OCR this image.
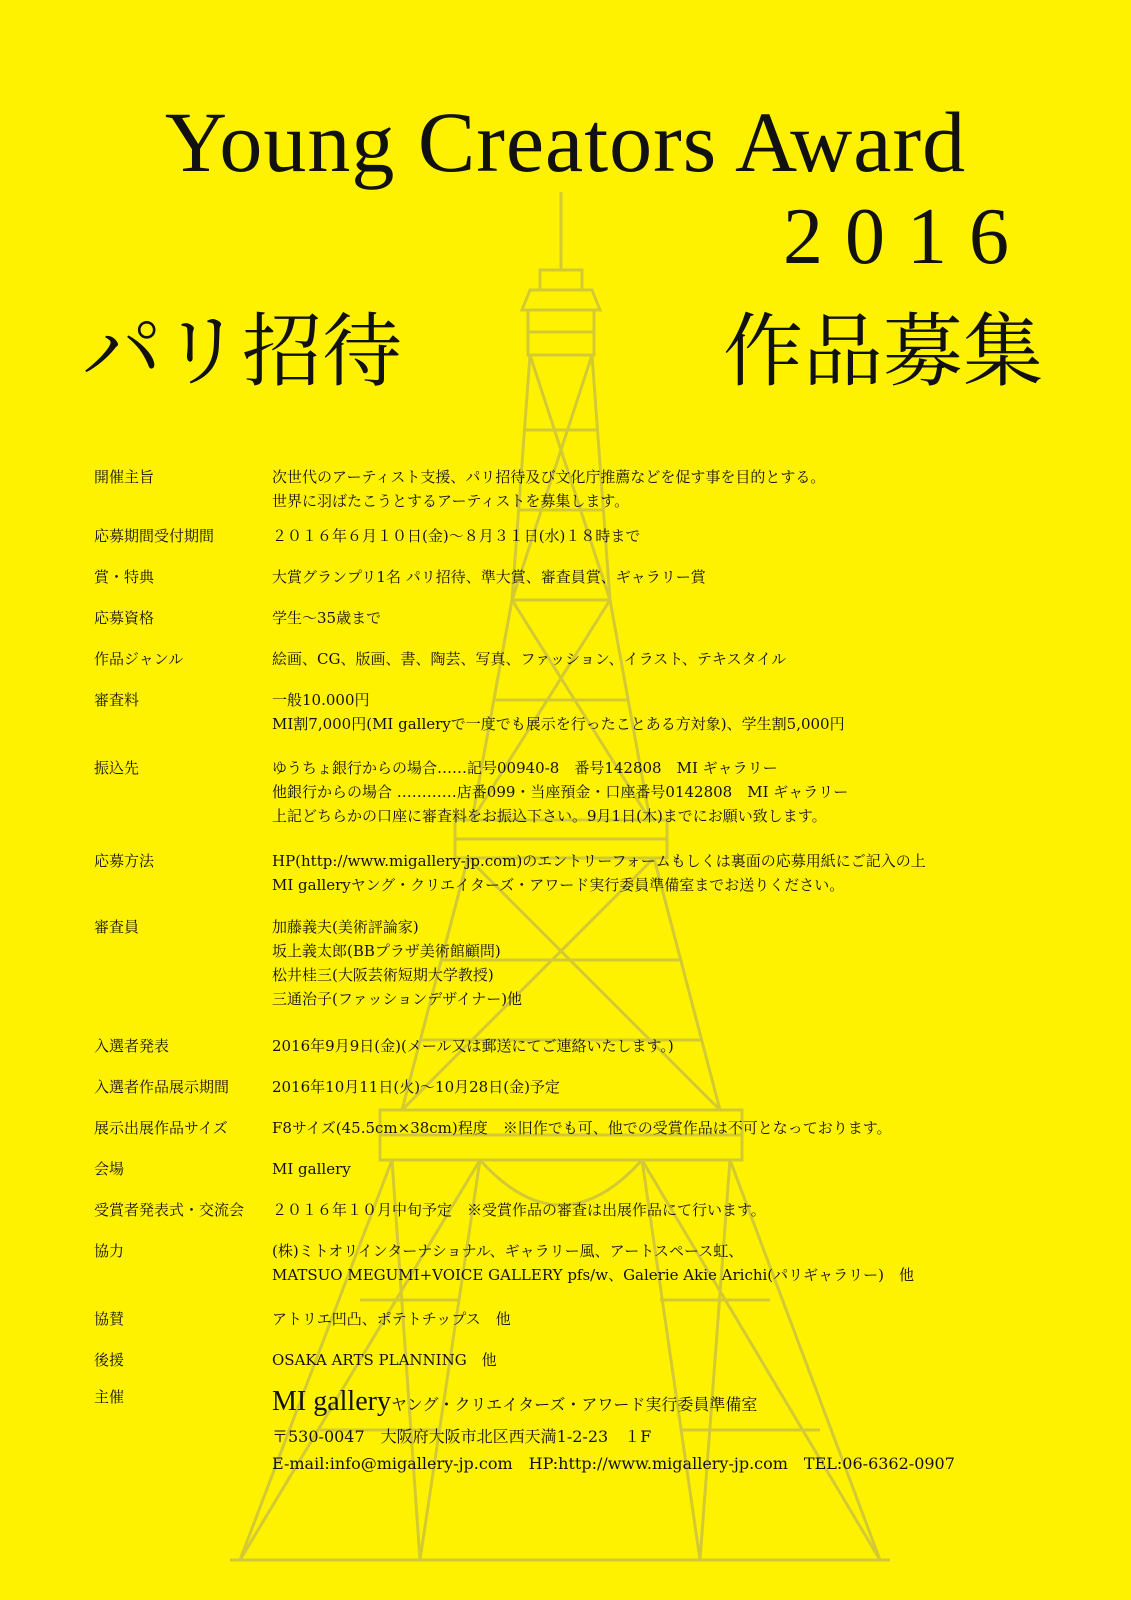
Young Creators Award
2016
パリ招待	作品募集
開催主旨	次世代のアーティスト支援、パリ招待及び文化庁推薦などを促す事を目的とする。
世界に羽ばたこうとするアーティストを募集します。
応募期間受付期間	２０１６年６月１０日(金)～８月３１日(水)１８時まで
賞・特典	大賞グランプリ1名 パリ招待、準大賞、審査員賞、ギャラリー賞
応募資格	学生～35歳まで
作品ジャンル	絵画、CG、版画、書、陶芸、写真、ファッション、イラスト、テキスタイル
審査料	一般10.000円
MI割7,000円(MI galleryで一度でも展示を行ったことある方対象)、学生割5,000円
振込先	ゆうちょ銀行からの場合……記号00940-8　番号142808　MI ギャラリー
他銀行からの場合 …………店番099・当座預金・口座番号0142808　MI ギャラリー
上記どちらかの口座に審査料をお振込下さい。9月1日(木)までにお願い致します。
応募方法	HP(http://www.migallery-jp.com)のエントリーフォームもしくは裏面の応募用紙にご記入の上
MI galleryヤング・クリエイターズ・アワード実行委員準備室までお送りください。
審査員	加藤義夫(美術評論家)
坂上義太郎(BBプラザ美術館顧問)
松井桂三(大阪芸術短期大学教授)
三通治子(ファッションデザイナー)他
入選者発表	2016年9月9日(金)(メール又は郵送にてご連絡いたします。)
入選者作品展示期間	2016年10月11日(火)～10月28日(金)予定
展示出展作品サイズ	F8サイズ(45.5cm×38cm)程度　※旧作でも可、他での受賞作品は不可となっております。
会場	MI gallery
受賞者発表式・交流会	２０１６年１０月中旬予定　※受賞作品の審査は出展作品にて行います。
協力	(株)ミトオリインターナショナル、ギャラリー風、アートスペース虹、
MATSUO MEGUMI+VOICE GALLERY pfs/w、Galerie Akie Arichi(パリギャラリー)　他
協賛	アトリエ凹凸、ポテトチップス　他
後援	OSAKA ARTS PLANNING　他
主催	MI galleryヤング・クリエイターズ・アワード実行委員準備室
〒530-0047　大阪府大阪市北区西天満1-2-23　１F
E-mail:info@migallery-jp.com　HP:http://www.migallery-jp.com　TEL:06-6362-0907
